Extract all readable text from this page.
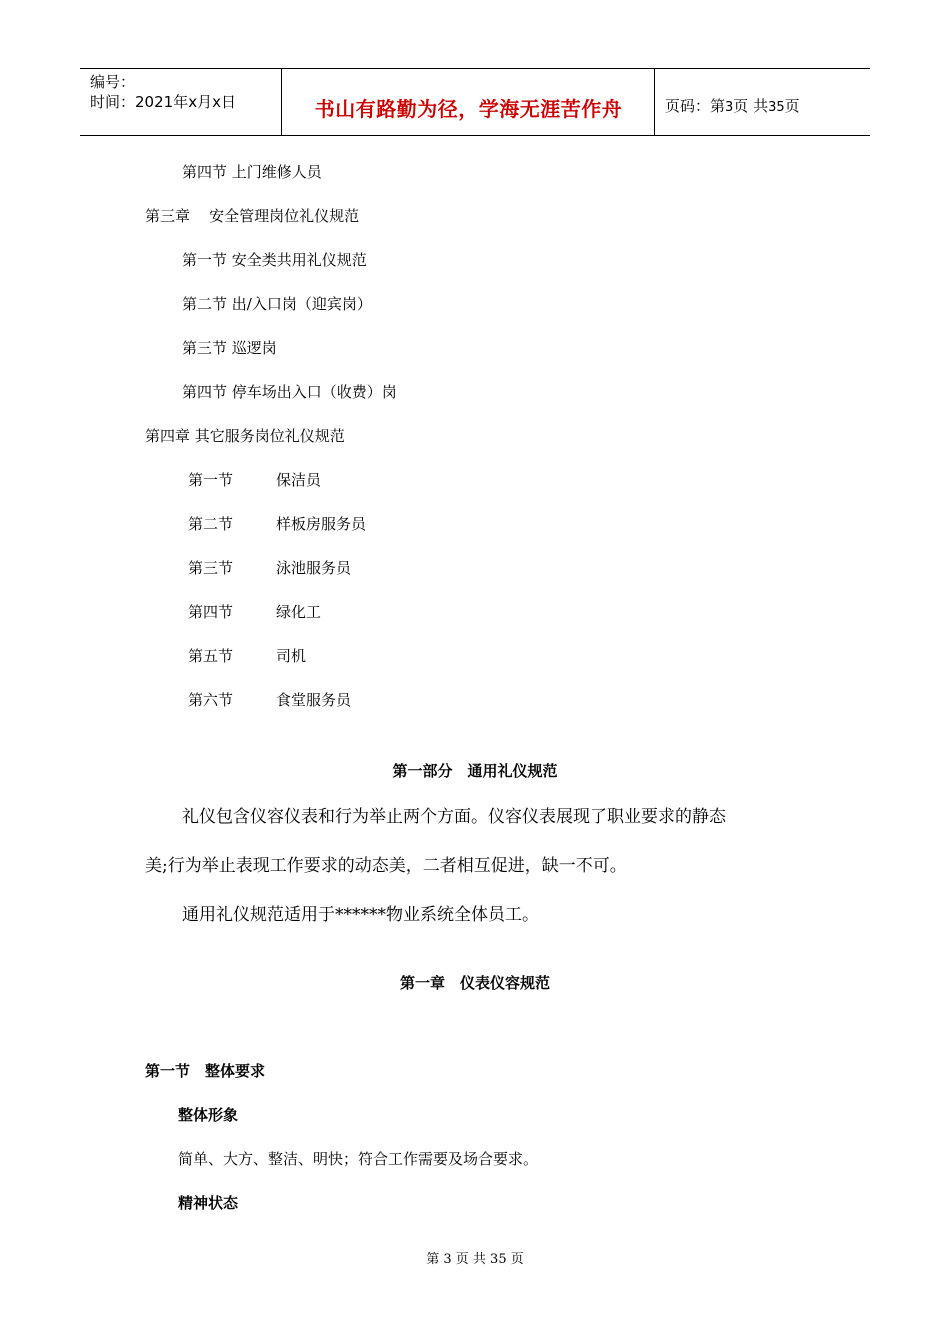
编号：
时间：2021年x月x日	书山有路勤为径，学海无涯苦作舟	页码：第3页 共35页
第四节 上门维修人员
第三章 安全管理岗位礼仪规范
第一节 安全类共用礼仪规范
第二节 出/入口岗（迎宾岗）
第三节 巡逻岗
第四节 停车场出入口（收费）岗
第四章 其它服务岗位礼仪规范
第一节	保洁员
第二节	样板房服务员
第三节	泳池服务员
第四节	绿化工
第五节	司机
第六节	食堂服务员
第一部分　通用礼仪规范
礼仪包含仪容仪表和行为举止两个方面。仪容仪表展现了职业要求的静态
美;行为举止表现工作要求的动态美，二者相互促进，缺一不可。
通用礼仪规范适用于******物业系统全体员工。
第一章　仪表仪容规范
第一节　整体要求
整体形象
简单、大方、整洁、明快；符合工作需要及场合要求。
精神状态
第 3 页 共 35 页
